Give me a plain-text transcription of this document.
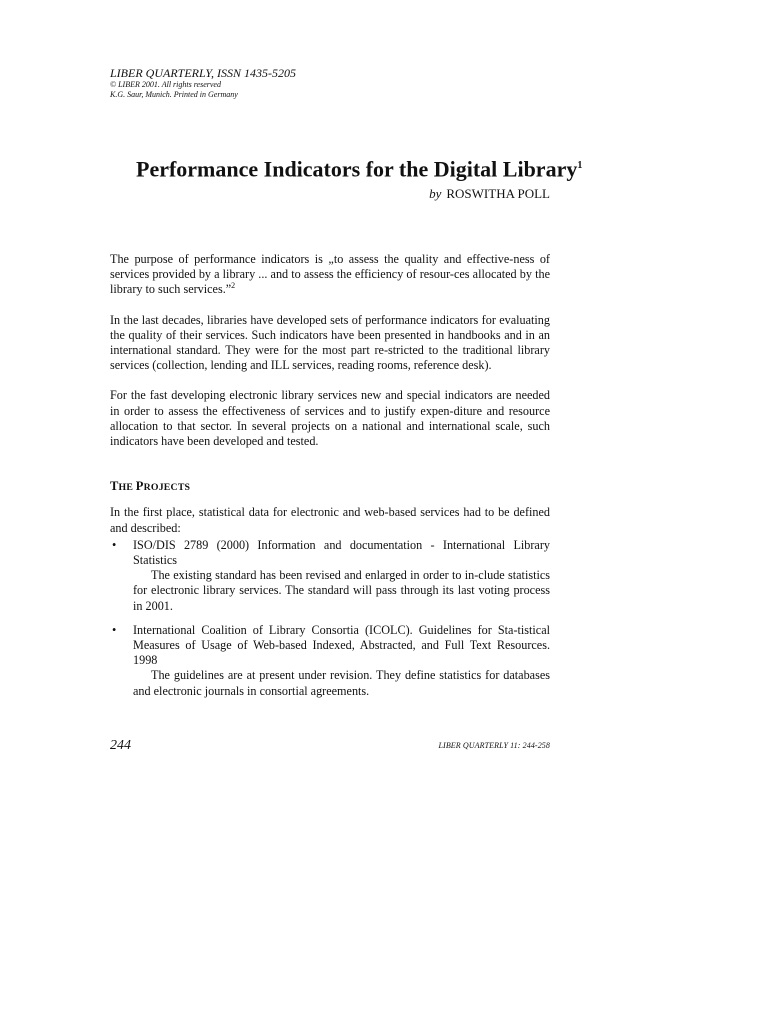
LIBER QUARTERLY, ISSN 1435-5205

© LIBER 2001. All rights reserved

K.G. Saur, Munich. Printed in Germany

Performance Indicators for the Digital Library$^1$

by ROSWITHA POLL

The purpose of performance indicators is „to assess the quality and effective-ness of services provided by a library ... and to assess the efficiency of resour-ces allocated by the library to such services.”$^2$

In the last decades, libraries have developed sets of performance indicators for evaluating the quality of their services. Such indicators have been presented in handbooks and in an international standard. They were for the most part re-stricted to the traditional library services (collection, lending and ILL services, reading rooms, reference desk).

For the fast developing electronic library services new and special indicators are needed in order to assess the effectiveness of services and to justify expen-diture and resource allocation to that sector. In several projects on a national and international scale, such indicators have been developed and tested.

THE PROJECTS

In the first place, statistical data for electronic and web-based services had to be defined and described:

•	ISO/DIS 2789 (2000) Information and documentation - International Library Statistics

The existing standard has been revised and enlarged in order to in-clude statistics for electronic library services. The standard will pass through its last voting process in 2001.

•	International Coalition of Library Consortia (ICOLC). Guidelines for Sta-tistical Measures of Usage of Web-based Indexed, Abstracted, and Full Text Resources. 1998

The guidelines are at present under revision. They define statistics for databases and electronic journals in consortial agreements.

244	LIBER QUARTERLY 11: 244-258
